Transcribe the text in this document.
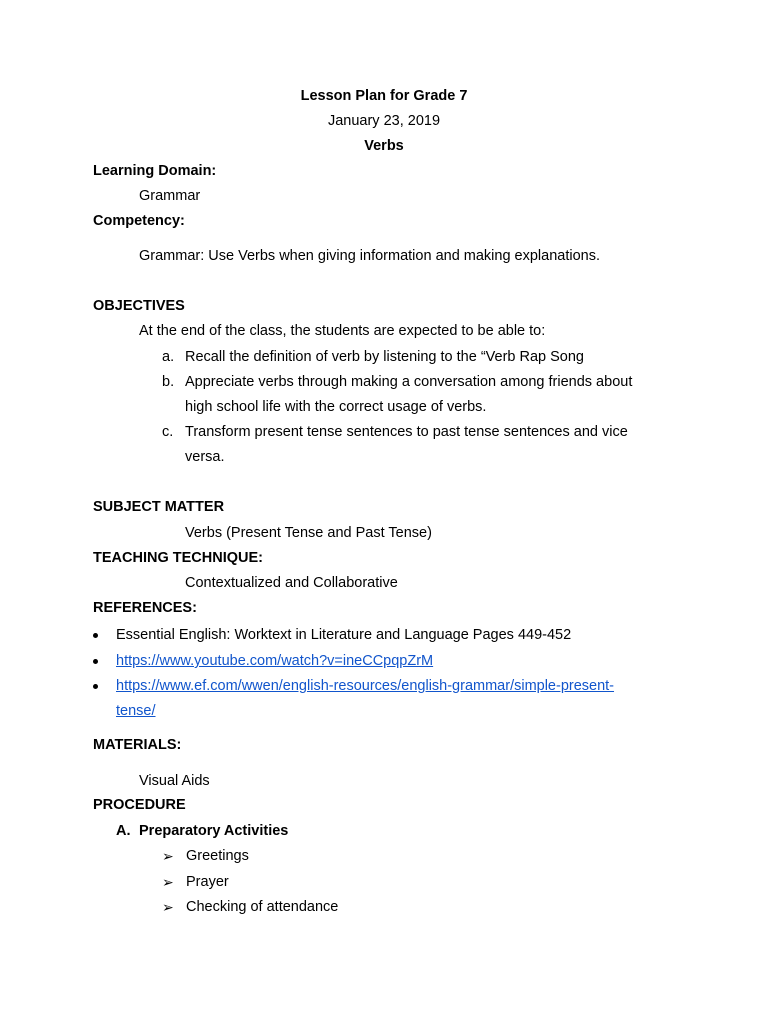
Lesson Plan for Grade 7
January 23, 2019
Verbs
Learning Domain:
Grammar
Competency:
Grammar: Use Verbs when giving information and making explanations.
OBJECTIVES
At the end of the class, the students are expected to be able to:
a. Recall the definition of verb by listening to the “Verb Rap Song
b. Appreciate verbs through making a conversation among friends about
high school life with the correct usage of verbs.
c. Transform present tense sentences to past tense sentences and vice
versa.
SUBJECT MATTER
Verbs (Present Tense and Past Tense)
TEACHING TECHNIQUE:
Contextualized and Collaborative
REFERENCES:
Essential English: Worktext in Literature and Language Pages 449-452
https://www.youtube.com/watch?v=ineCCpqpZrM
https://www.ef.com/wwen/english-resources/english-grammar/simple-present-
tense/
MATERIALS:
Visual Aids
PROCEDURE
A. Preparatory Activities
➢ Greetings
➢ Prayer
➢ Checking of attendance
